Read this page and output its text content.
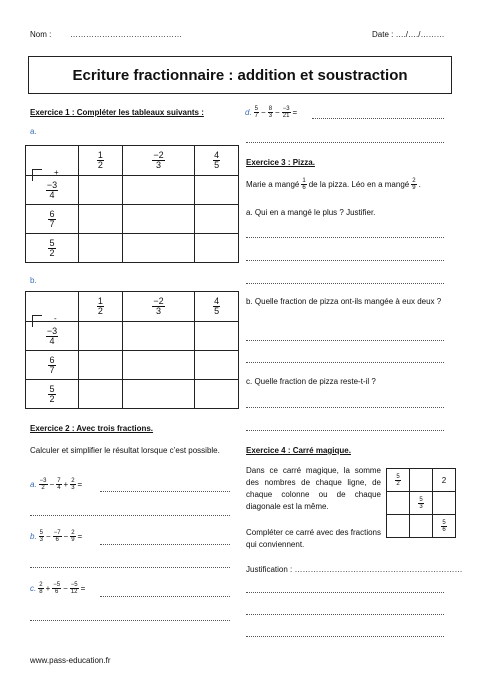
Nom : ……………………………………	Date : …./…./………
Ecriture fractionnaire : addition et soustraction
Exercice 1 : Compléter les tableaux suivants :
a.
+	$\frac{1}{2}$	$\frac{-2}{3}$	$\frac{4}{5}$

$\frac{-3}{4}$

$\frac{6}{7}$

$\frac{5}{2}$

b.
-	$\frac{1}{2}$	$\frac{-2}{3}$	$\frac{4}{5}$

$\frac{-3}{4}$

$\frac{6}{7}$

$\frac{5}{2}$

Exercice 2 : Avec trois fractions.

Calculer et simplifier le résultat lorsque c’est possible.

a. $\frac{-3}{2} - \frac{7}{4} + \frac{2}{3}$ =
b. $\frac{5}{3} - \frac{-7}{6} - \frac{2}{9}$ =
c. $\frac{2}{8} + \frac{-5}{6} - \frac{-5}{12}$ =
d. $\frac{5}{7} - \frac{8}{3} - \frac{-3}{21}$ =
Exercice 3 : Pizza.
Marie a mangé $\frac{1}{6}$ de la pizza. Léo en a mangé $\frac{2}{9}$ .

a. Qui en a mangé le plus ? Justifier.

b. Quelle fraction de pizza ont-ils mangée à eux deux ?

c. Quelle fraction de pizza reste-t-il ?

Exercice 4 : Carré magique.

Dans ce carré magique, la somme des nombres de chaque ligne, de chaque colonne ou de chaque diagonale est la même.

Compléter ce carré avec des fractions qui conviennent.

$\frac{5}{2}$		2

	$\frac{5}{3}$

		$\frac{5}{6}$

Justification : ………………………………………………………

www.pass-education.fr
